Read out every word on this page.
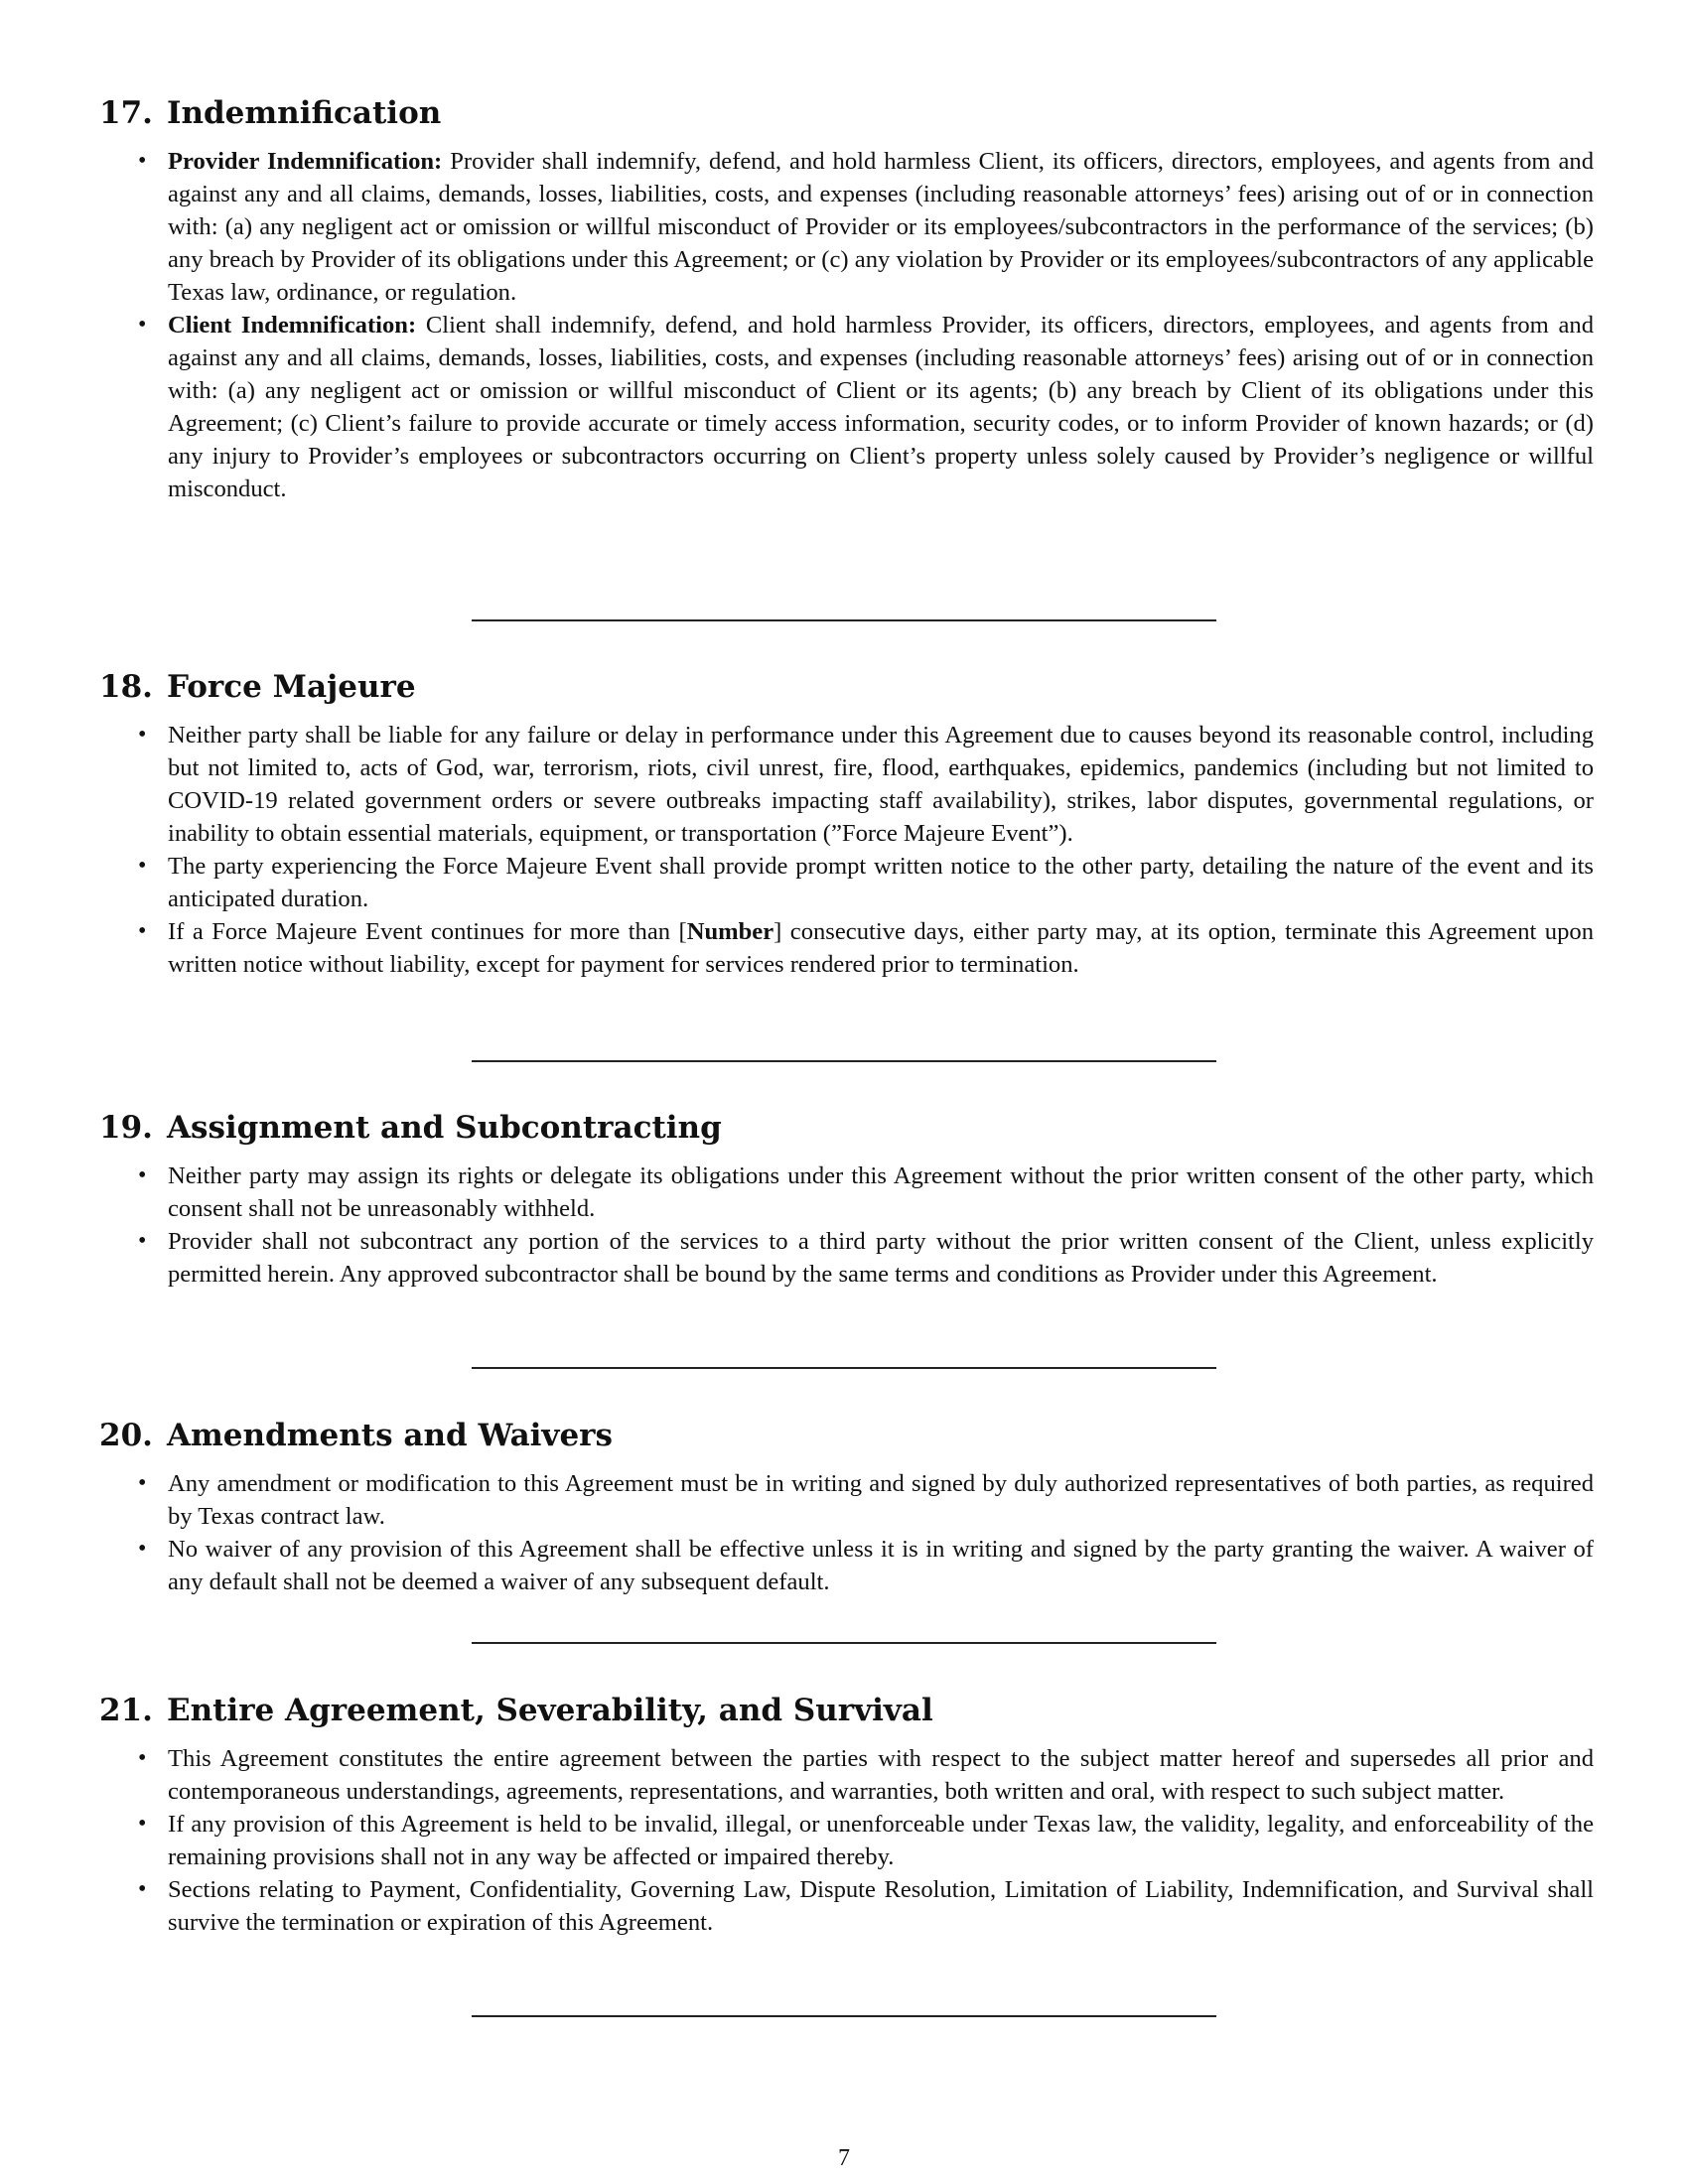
17. Indemnification
• Provider Indemnification: Provider shall indemnify, defend, and hold harmless Client, its officers, directors, employees, and agents from and against any and all claims, demands, losses, liabilities, costs, and expenses (including reasonable attorneys’ fees) arising out of or in connection with: (a) any negligent act or omission or willful misconduct of Provider or its employees/subcontractors in the performance of the services; (b) any breach by Provider of its obligations under this Agreement; or (c) any violation by Provider or its employees/subcontractors of any applicable Texas law, ordinance, or regulation.
• Client Indemnification: Client shall indemnify, defend, and hold harmless Provider, its officers, directors, employees, and agents from and against any and all claims, demands, losses, liabilities, costs, and expenses (including reasonable attorneys’ fees) arising out of or in connection with: (a) any negligent act or omission or willful misconduct of Client or its agents; (b) any breach by Client of its obligations under this Agreement; (c) Client’s failure to provide accurate or timely access information, security codes, or to inform Provider of known hazards; or (d) any injury to Provider’s employees or subcontractors occurring on Client’s property unless solely caused by Provider’s negligence or willful misconduct.
18. Force Majeure
• Neither party shall be liable for any failure or delay in performance under this Agreement due to causes beyond its reasonable control, including but not limited to, acts of God, war, terrorism, riots, civil unrest, fire, flood, earthquakes, epidemics, pandemics (including but not limited to COVID-19 related government orders or severe outbreaks impacting staff availability), strikes, labor disputes, governmental regulations, or inability to obtain essential materials, equipment, or transportation (”Force Majeure Event”).
• The party experiencing the Force Majeure Event shall provide prompt written notice to the other party, detailing the nature of the event and its anticipated duration.
• If a Force Majeure Event continues for more than [Number] consecutive days, either party may, at its option, terminate this Agreement upon written notice without liability, except for payment for services rendered prior to termination.
19. Assignment and Subcontracting
• Neither party may assign its rights or delegate its obligations under this Agreement without the prior written consent of the other party, which consent shall not be unreasonably withheld.
• Provider shall not subcontract any portion of the services to a third party without the prior written consent of the Client, unless explicitly permitted herein. Any approved subcontractor shall be bound by the same terms and conditions as Provider under this Agreement.
20. Amendments and Waivers
• Any amendment or modification to this Agreement must be in writing and signed by duly authorized representatives of both parties, as required by Texas contract law.
• No waiver of any provision of this Agreement shall be effective unless it is in writing and signed by the party granting the waiver. A waiver of any default shall not be deemed a waiver of any subsequent default.
21. Entire Agreement, Severability, and Survival
• This Agreement constitutes the entire agreement between the parties with respect to the subject matter hereof and supersedes all prior and contemporaneous understandings, agreements, representations, and warranties, both written and oral, with respect to such subject matter.
• If any provision of this Agreement is held to be invalid, illegal, or unenforceable under Texas law, the validity, legality, and enforceability of the remaining provisions shall not in any way be affected or impaired thereby.
• Sections relating to Payment, Confidentiality, Governing Law, Dispute Resolution, Limitation of Liability, Indemnification, and Survival shall survive the termination or expiration of this Agreement.
7
